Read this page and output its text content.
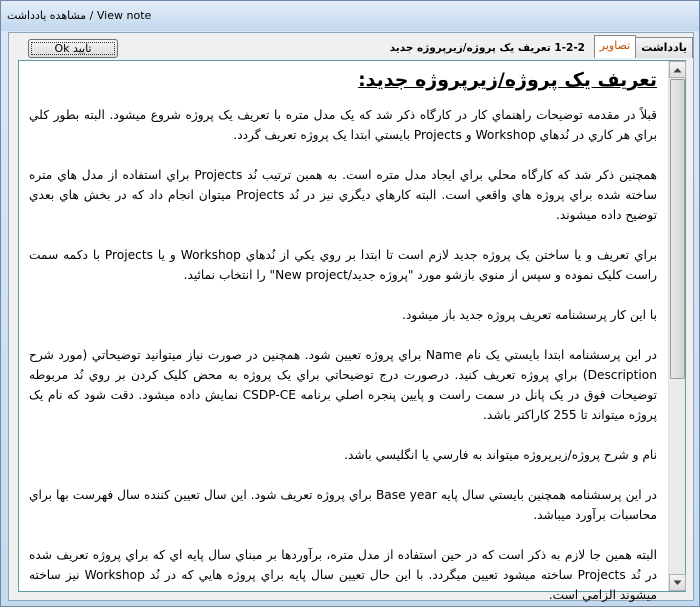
مشاهده يادداشت / View note
Ok تاييد	1-2-2 تعريف يک پروژه/زيرپروژه جديد	يادداشت
تصاوير
تعريف يک پروژه/زيرپروژه جديد:

قبلاً در مقدمه توضيحات راهنماي کار در کارگاه ذکر شد که يک مدل متره با تعريف يک پروژه شروع ميشود. البته بطور کلي براي هر کاري در نُدهاي Workshop و Projects بايستي ابتدا يک پروژه تعريف گردد.

همچنين ذکر شد که کارگاه محلي براي ايجاد مدل متره است. به همين ترتيب نُد Projects براي استفاده از مدل هاي متره ساخته شده براي پروژه هاي واقعي است. البته کارهاي ديگري نيز در نُد Projects ميتوان انجام داد که در بخش هاي بعدي توضيح داده ميشوند.

براي تعريف و يا ساختن يک پروژه جديد لازم است تا ابتدا بر روي يکي از نُدهاي Workshop و يا Projects با دکمه سمت راست کليک نموده و سپس از منوي بازشو مورد "پروژه جديد/New project" را انتخاب نمائيد.

با اين کار پرسشنامه تعريف پروژه جديد باز ميشود.

در اين پرسشنامه ابتدا بايستي يک نام Name براي پروژه تعيين شود. همچنين در صورت نياز ميتوانيد توضيحاتي (مورد شرح Description) براي پروژه تعريف کنيد. درصورت درج توضيحاتي براي يک پروژه به محض کليک کردن بر روي نُد مربوطه توضيحات فوق در يک پانل در سمت راست و پايين پنجره اصلي برنامه CSDP-CE نمايش داده ميشود. دقت شود که نام يک پروژه ميتواند تا 255 کاراکتر باشد.

نام و شرح پروژه/زيرپروژه ميتواند به فارسي يا انگليسي باشد.

در اين پرسشنامه همچنين بايستي سال پايه Base year براي پروژه تعريف شود. اين سال تعيين کننده سال فهرست بها براي محاسبات برآورد ميباشد.

البته همين جا لازم به ذکر است که در حين استفاده از مدل متره، برآوردها بر مبناي سال پايه اي که براي پروژه تعريف شده در نُد Projects ساخته ميشود تعيين ميگردد. با اين حال تعيين سال پايه براي پروژه هايي که در نُد Workshop نيز ساخته ميشوند الزامي است.
